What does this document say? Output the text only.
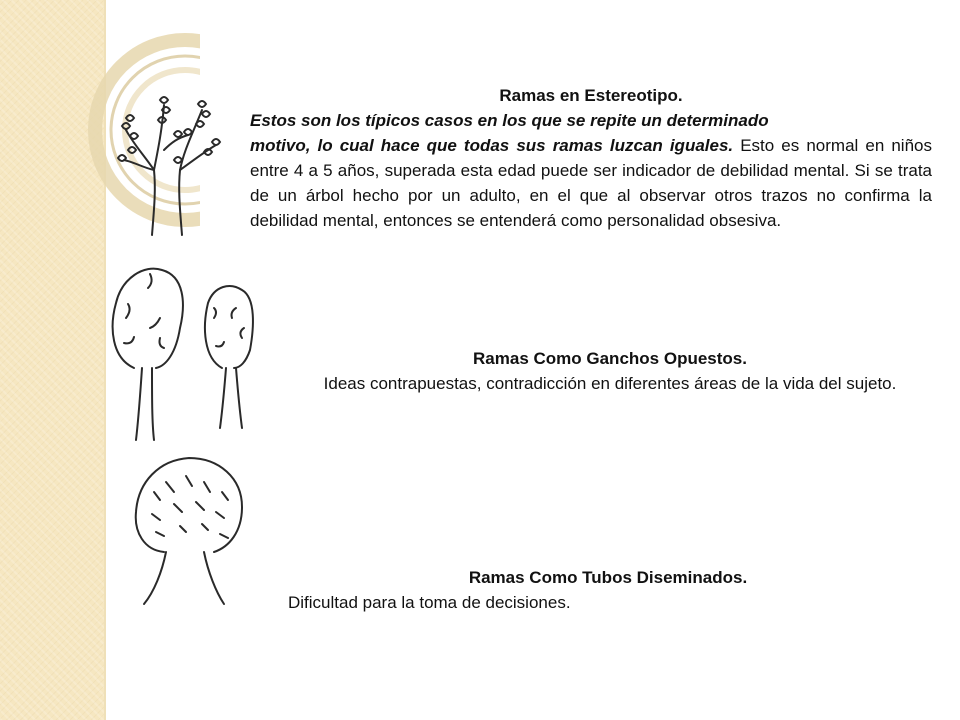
Ramas en Estereotipo.
Estos son los típicos casos en los que se repite un determinado
motivo, lo cual hace que todas sus ramas luzcan iguales. Esto es normal en niños entre 4 a 5 años, superada esta edad puede ser indicador de debilidad mental. Si se trata de un árbol hecho por un adulto, en el que al observar otros trazos no confirma la debilidad mental, entonces se entenderá como personalidad obsesiva.
Ramas Como Ganchos Opuestos.
Ideas contrapuestas, contradicción en diferentes áreas de la vida del sujeto.
Ramas Como Tubos Diseminados.
Dificultad para la toma de decisiones.
